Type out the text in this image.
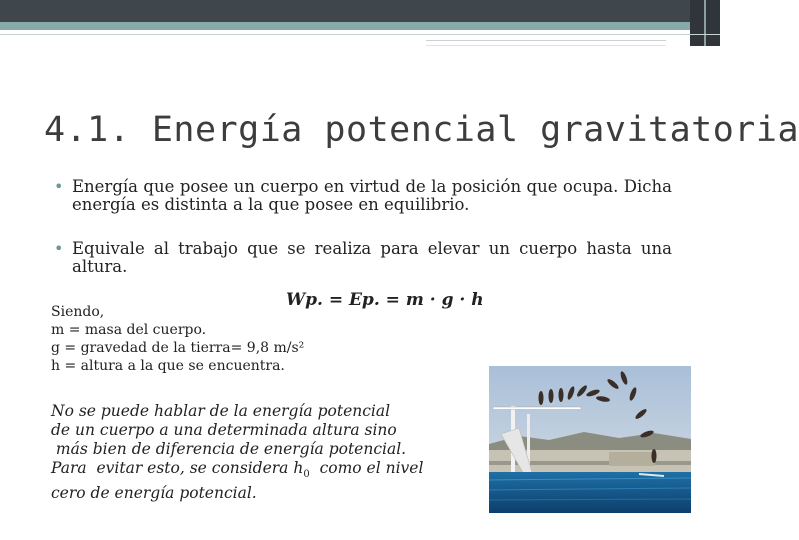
4.1. Energía potencial gravitatoria
• Energía que posee un cuerpo en virtud de la posición que ocupa. Dicha energía es distinta a la que posee en equilibrio.
• Equivale al trabajo que se realiza para elevar un cuerpo hasta una altura.
Wp. = Ep. = m · g · h
Siendo,
m = masa del cuerpo.
g = gravedad de la tierra= 9,8 m/s²
h = altura a la que se encuentra.
No se puede hablar de la energía potencial
de un cuerpo a una determinada altura sino
más bien de diferencia de energía potencial.
Para  evitar esto, se considera $h_0$  como el nivel
cero de energía potencial.
